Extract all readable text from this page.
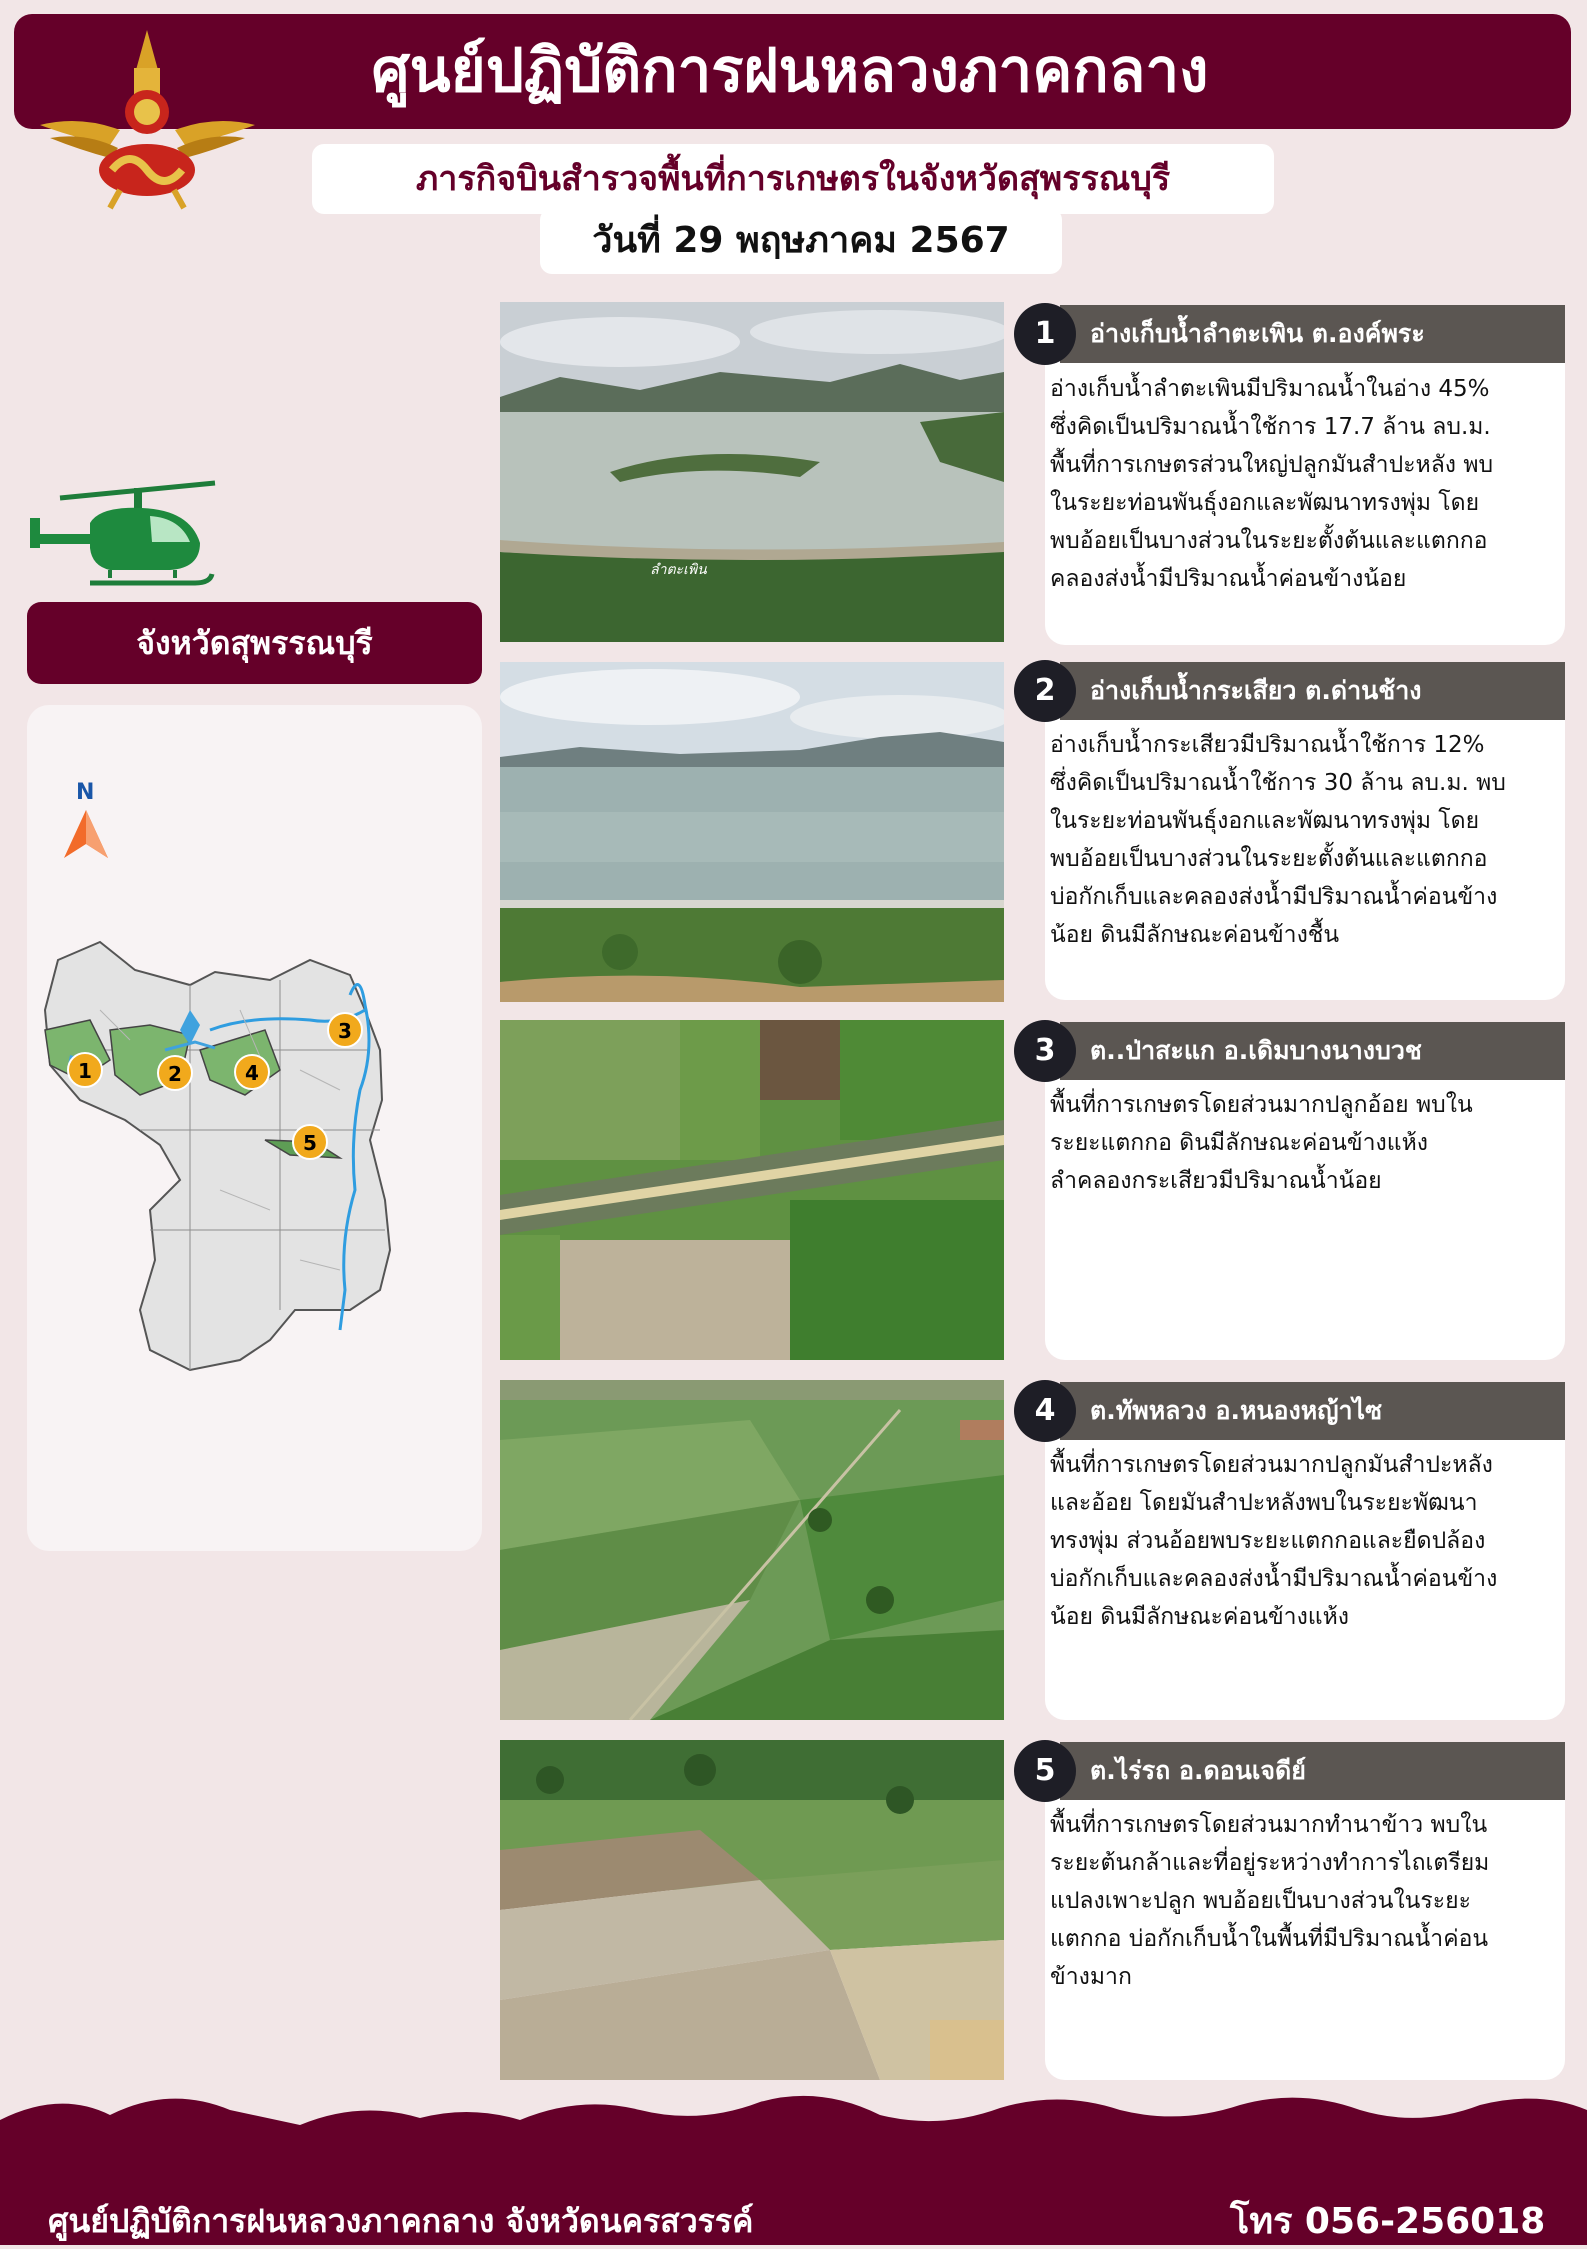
ศูนย์ปฏิบัติการฝนหลวงภาคกลาง
ภารกิจบินสำรวจพื้นที่การเกษตรในจังหวัดสุพรรณบุรี
วันที่ 29 พฤษภาคม 2567
จังหวัดสุพรรณบุรี
N
1	2
3
4
5
ลำตะเพิน
อ่างเก็บน้ำลำตะเพิน ต.องค์พระ
1
อ่างเก็บน้ำลำตะเพินมีปริมาณน้ำในอ่าง 45%
ซึ่งคิดเป็นปริมาณน้ำใช้การ 17.7 ล้าน ลบ.ม.
พื้นที่การเกษตรส่วนใหญ่ปลูกมันสำปะหลัง พบ
ในระยะท่อนพันธุ์งอกและพัฒนาทรงพุ่ม โดย
พบอ้อยเป็นบางส่วนในระยะตั้งต้นและแตกกอ
คลองส่งน้ำมีปริมาณน้ำค่อนข้างน้อย
อ่างเก็บน้ำกระเสียว ต.ด่านช้าง
2
อ่างเก็บน้ำกระเสียวมีปริมาณน้ำใช้การ 12%
ซึ่งคิดเป็นปริมาณน้ำใช้การ 30 ล้าน ลบ.ม. พบ
ในระยะท่อนพันธุ์งอกและพัฒนาทรงพุ่ม โดย
พบอ้อยเป็นบางส่วนในระยะตั้งต้นและแตกกอ
บ่อกักเก็บและคลองส่งน้ำมีปริมาณน้ำค่อนข้าง
น้อย ดินมีลักษณะค่อนข้างชื้น
ต..ป่าสะแก อ.เดิมบางนางบวช
3
พื้นที่การเกษตรโดยส่วนมากปลูกอ้อย พบใน
ระยะแตกกอ ดินมีลักษณะค่อนข้างแห้ง
ลำคลองกระเสียวมีปริมาณน้ำน้อย
ต.ทัพหลวง อ.หนองหญ้าไซ
4
พื้นที่การเกษตรโดยส่วนมากปลูกมันสำปะหลัง
และอ้อย โดยมันสำปะหลังพบในระยะพัฒนา
ทรงพุ่ม ส่วนอ้อยพบระยะแตกกอและยืดปล้อง
บ่อกักเก็บและคลองส่งน้ำมีปริมาณน้ำค่อนข้าง
น้อย ดินมีลักษณะค่อนข้างแห้ง
ต.ไร่รถ อ.ดอนเจดีย์
5
พื้นที่การเกษตรโดยส่วนมากทำนาข้าว พบใน
ระยะต้นกล้าและที่อยู่ระหว่างทำการไถเตรียม
แปลงเพาะปลูก พบอ้อยเป็นบางส่วนในระยะ
แตกกอ บ่อกักเก็บน้ำในพื้นที่มีปริมาณน้ำค่อน
ข้างมาก
ศูนย์ปฏิบัติการฝนหลวงภาคกลาง จังหวัดนครสวรรค์	โทร 056-256018
